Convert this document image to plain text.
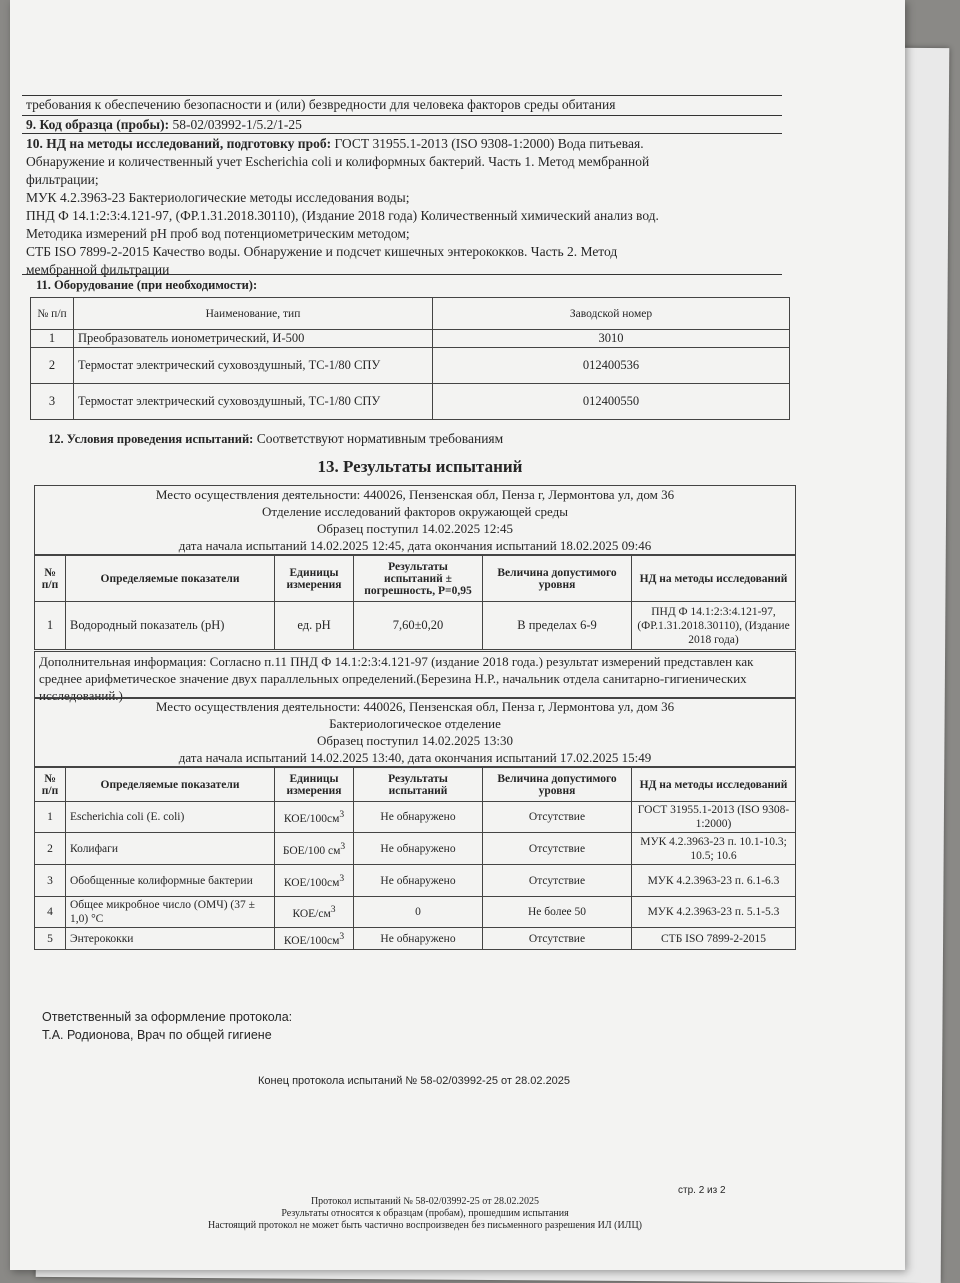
требования к обеспечению безопасности и (или) безвредности для человека факторов среды обитания
9. Код образца (пробы): 58-02/03992-1/5.2/1-25

10. НД на методы исследований, подготовку проб: ГОСТ 31955.1-2013 (ISO 9308-1:2000) Вода питьевая.

Обнаружение и количественный учет Escherichia coli и колиформных бактерий. Часть 1. Метод мембранной

фильтрации;

МУК 4.2.3963-23 Бактериологические методы исследования воды;

ПНД Ф 14.1:2:3:4.121-97, (ФР.1.31.2018.30110), (Издание 2018 года) Количественный химический анализ вод.

Методика измерений pH проб вод потенциометрическим методом;

СТБ ISO 7899-2-2015 Качество воды. Обнаружение и подсчет кишечных энтерококков. Часть 2. Метод

мембранной фильтрации

11. Оборудование (при необходимости):
№ п/п	Наименование, тип	Заводской номер
1	Преобразователь иономeтрический, И-500	3010
2	Термостат электрический суховоздушный, ТС-1/80 СПУ	012400536
3	Термостат электрический суховоздушный, ТС-1/80 СПУ	012400550
12. Условия проведения испытаний: Соответствуют нормативным требованиям
13. Результаты испытаний
Место осуществления деятельности: 440026, Пензенская обл, Пенза г, Лермонтова ул, дом 36
Отделение исследований факторов окружающей среды
Образец поступил 14.02.2025 12:45
дата начала испытаний 14.02.2025 12:45, дата окончания испытаний 18.02.2025 09:46
№ п/п	Определяемые показатели	Единицы измерения	Результаты испытаний ± погрешность, Р=0,95	Величина допустимого уровня	НД на методы исследований
1	Водородный показатель (pH)	ед. pH	7,60±0,20	В пределах 6-9	ПНД Ф 14.1:2:3:4.121-97, (ФР.1.31.2018.30110), (Издание 2018 года)
Дополнительная информация: Согласно п.11 ПНД Ф 14.1:2:3:4.121-97 (издание 2018 года.) результат измерений представлен как среднее арифметическое значение двух параллельных определений.(Березина Н.Р., начальник отдела санитарно-гигиенических исследований.)
Место осуществления деятельности: 440026, Пензенская обл, Пенза г, Лермонтова ул, дом 36
Бактериологическое отделение
Образец поступил 14.02.2025 13:30
дата начала испытаний 14.02.2025 13:40, дата окончания испытаний 17.02.2025 15:49
№ п/п	Определяемые показатели	Единицы измерения	Результаты испытаний	Величина допустимого уровня	НД на методы исследований
1	Escherichia coli (E. coli)	КОЕ/$100см^3$	Не обнаружено	Отсутствие	ГОСТ 31955.1-2013 (ISO 9308-1:2000)
2	Колифаги	БОЕ/100 $см^3$	Не обнаружено	Отсутствие	МУК 4.2.3963-23 п. 10.1-10.3; 10.5; 10.6
3	Обобщенные колиформные бактерии	КОЕ/$100см^3$	Не обнаружено	Отсутствие	МУК 4.2.3963-23 п. 6.1-6.3
4	Общее микробное число (ОМЧ) (37 ± 1,0) °С	КОЕ/$см^3$	0	Не более 50	МУК 4.2.3963-23 п. 5.1-5.3
5	Энтерококки	КОЕ/$100см^3$	Не обнаружено	Отсутствие	СТБ ISO 7899-2-2015
Ответственный за оформление протокола:
Т.А. Родионова, Врач по общей гигиене
Конец протокола испытаний № 58-02/03992-25 от 28.02.2025
стр. 2 из 2
Протокол испытаний № 58-02/03992-25 от 28.02.2025
Результаты относятся к образцам (пробам), прошедшим испытания
Настоящий протокол не может быть частично воспроизведен без письменного разрешения ИЛ (ИЛЦ)
